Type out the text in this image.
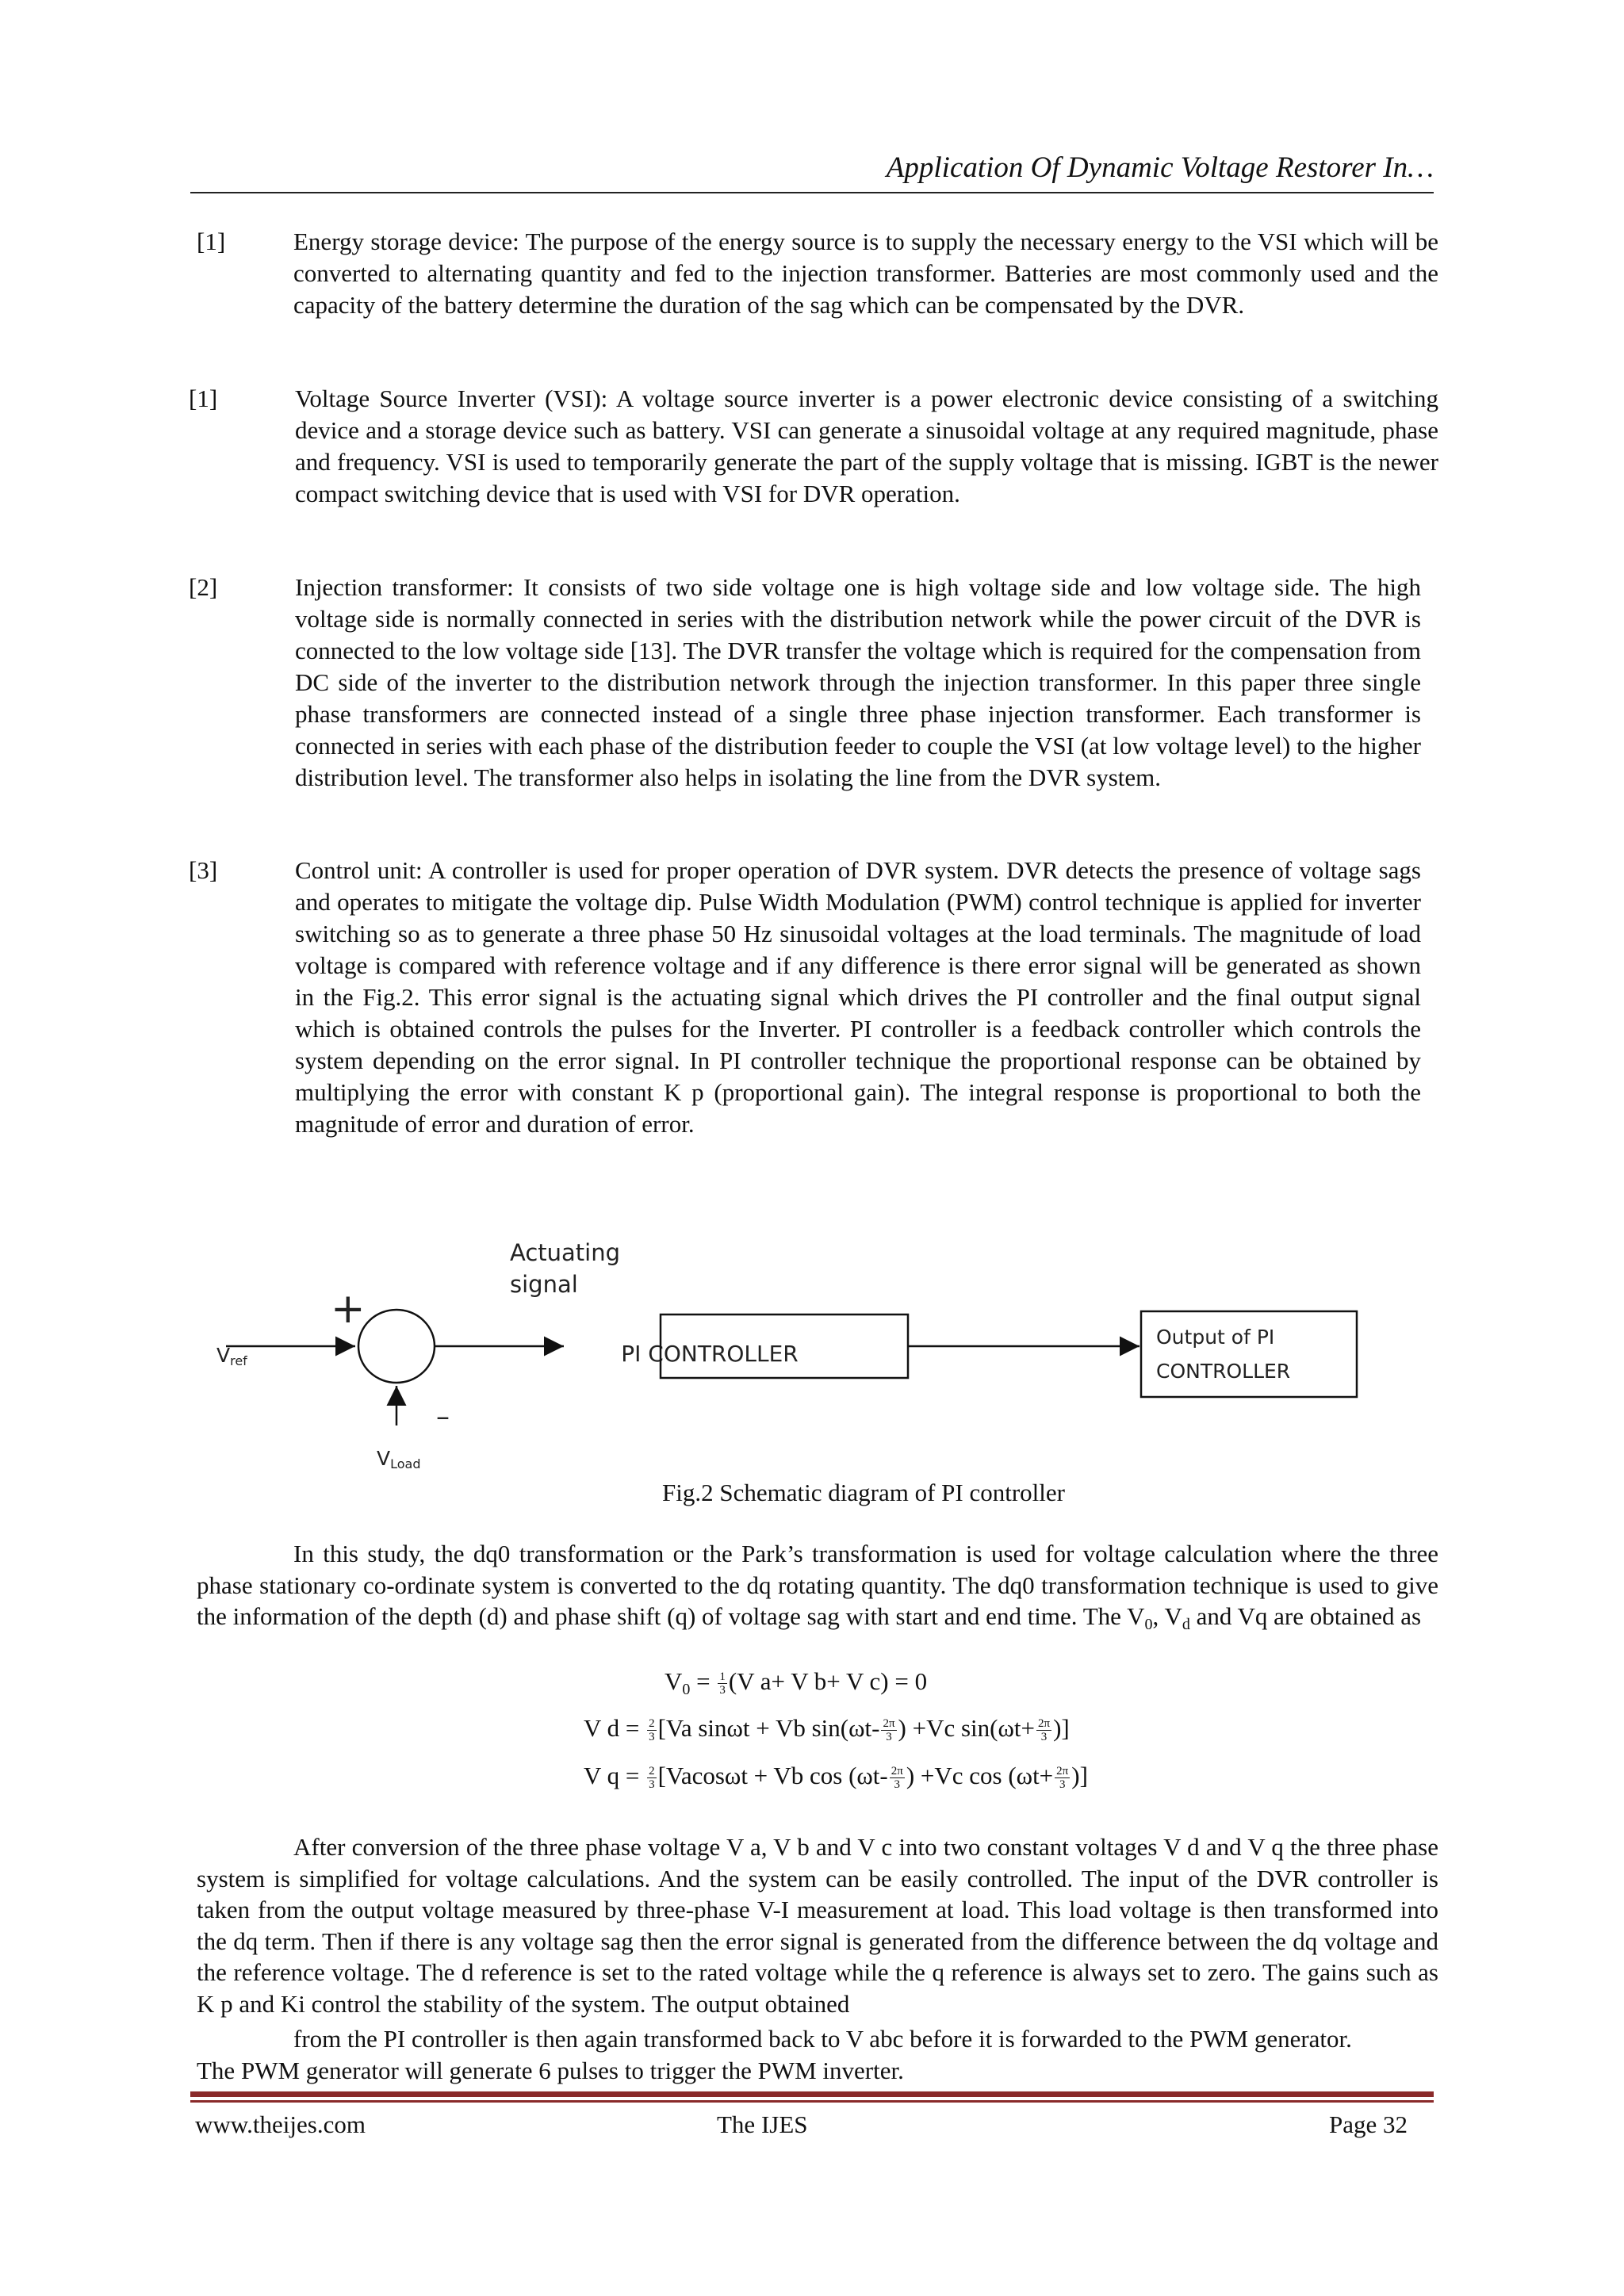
Application Of Dynamic Voltage Restorer In…
[1]	Energy storage device: The purpose of the energy source is to supply the necessary energy to the VSI which will be converted to alternating quantity and fed to the injection transformer. Batteries are most commonly used and the capacity of the battery determine the duration of the sag which can be compensated by the DVR.
[1]	Voltage Source Inverter (VSI): A voltage source inverter is a power electronic device consisting of a switching device and a storage device such as battery. VSI can generate a sinusoidal voltage at any required magnitude, phase and frequency. VSI is used to temporarily generate the part of the supply voltage that is missing. IGBT is the newer compact switching device that is used with VSI for DVR operation.
[2]	Injection transformer: It consists of two side voltage one is high voltage side and low voltage side. The high voltage side is normally connected in series with the distribution network while the power circuit of the DVR is connected to the low voltage side [13]. The DVR transfer the voltage which is required for the compensation from DC side of the inverter to the distribution network through the injection transformer. In this paper three single phase transformers are connected instead of a single three phase injection transformer. Each transformer is connected in series with each phase of the distribution feeder to couple the VSI (at low voltage level) to the higher distribution level. The transformer also helps in isolating the line from the DVR system.
[3]	Control unit: A controller is used for proper operation of DVR system. DVR detects the presence of voltage sags and operates to mitigate the voltage dip. Pulse Width Modulation (PWM) control technique is applied for inverter switching so as to generate a three phase 50 Hz sinusoidal voltages at the load terminals. The magnitude of load voltage is compared with reference voltage and if any difference is there error signal will be generated as shown in the Fig.2. This error signal is the actuating signal which drives the PI controller and the final output signal which is obtained controls the pulses for the Inverter. PI controller is a feedback controller which controls the system depending on the error signal. In PI controller technique the proportional response can be obtained by multiplying the error with constant K p (proportional gain). The integral response is proportional to both the magnitude of error and duration of error.
Actuating
signal
+
–
Vref
VLoad
PI CONTROLLER
Output of PI
CONTROLLER
Fig.2 Schematic diagram of PI controller
In this study, the dq0 transformation or the Park’s transformation is used for voltage calculation where the three phase stationary co-ordinate system is converted to the dq rotating quantity. The dq0 transformation technique is used to give the information of the depth (d) and phase shift (q) of voltage sag with start and end time. The $V_0$, $V_d$ and Vq are obtained as
$V_0 = \frac{1}{3} (V$ a+ V b+ V c) = 0
V $d = \frac{2}{3} [Va$ sinωt + Vb $\sin(\omega t- \frac{2\pi}{3}$ ) +Vc $\sin(\omega t+ \frac{2\pi}{3}$ )]
V $q = \frac{2}{3} [Vacos\omega t + Vb$ $\cos (\omega t- \frac{2\pi}{3}$ ) +Vc $\cos (\omega t+ \frac{2\pi}{3}$ )]
After conversion of the three phase voltage V a, V b and V c into two constant voltages V d and V q the three phase system is simplified for voltage calculations. And the system can be easily controlled. The input of the DVR controller is taken from the output voltage measured by three-phase V-I measurement at load. This load voltage is then transformed into the dq term. Then if there is any voltage sag then the error signal is generated from the difference between the dq voltage and the reference voltage. The d reference is set to the rated voltage while the q reference is always set to zero. The gains such as K p and Ki control the stability of the system. The output obtained
from the PI controller is then again transformed back to V abc before it is forwarded to the PWM generator.
The PWM generator will generate 6 pulses to trigger the PWM inverter.
www.theijes.com	The IJES	Page 32
